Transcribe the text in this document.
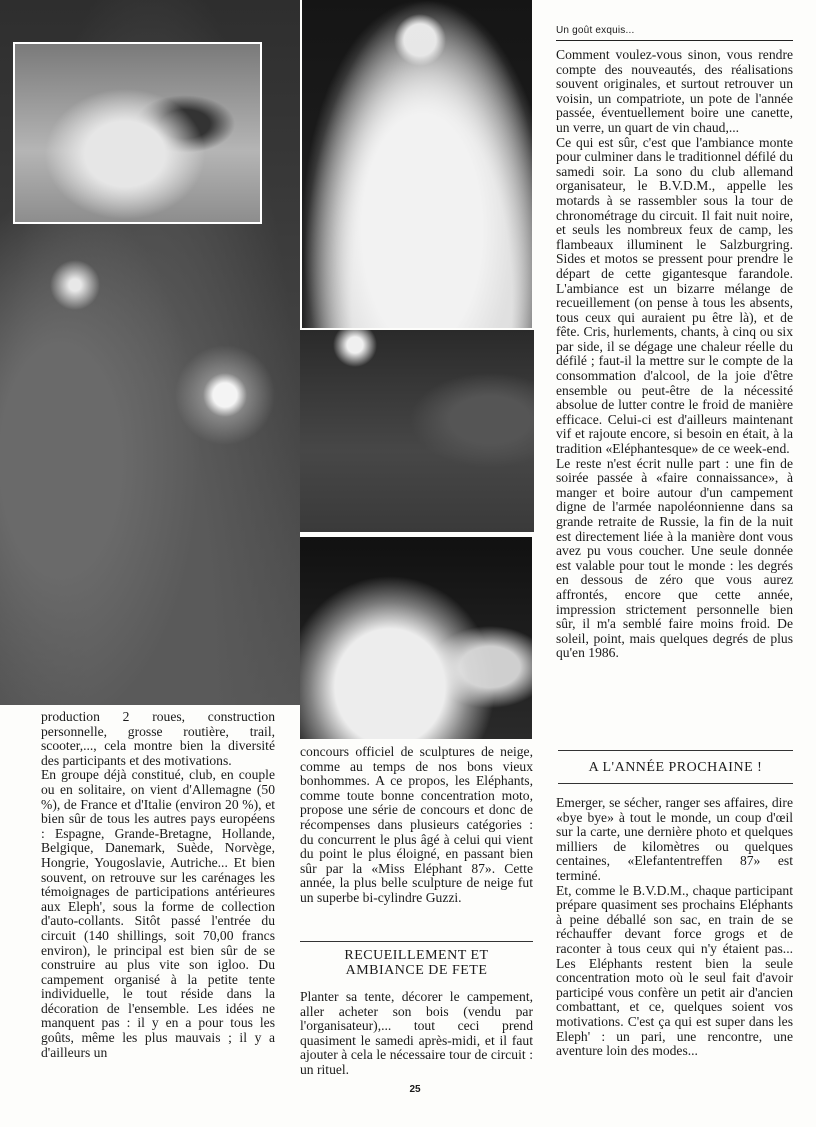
Un goût exquis...

production 2 roues, construction personnelle, grosse routière, trail, scooter,..., cela montre bien la diversité des participants et des motivations.

En groupe déjà constitué, club, en couple ou en solitaire, on vient d'Allemagne (50 %), de France et d'Italie (environ 20 %), et bien sûr de tous les autres pays européens : Espagne, Grande-Bretagne, Hollande, Belgique, Danemark, Suède, Norvège, Hongrie, Yougoslavie, Autriche... Et bien souvent, on retrouve sur les carénages les témoignages de participations antérieures aux Eleph', sous la forme de collection d'auto-collants. Sitôt passé l'entrée du circuit (140 shillings, soit 70,00 francs environ), le principal est bien sûr de se construire au plus vite son igloo. Du campement organisé à la petite tente individuelle, le tout réside dans la décoration de l'ensemble. Les idées ne manquent pas : il y en a pour tous les goûts, même les plus mauvais ; il y a d'ailleurs un

concours officiel de sculptures de neige, comme au temps de nos bons vieux bonhommes. A ce propos, les Eléphants, comme toute bonne concentration moto, propose une série de concours et donc de récompenses dans plusieurs catégories : du concurrent le plus âgé à celui qui vient du point le plus éloigné, en passant bien sûr par la «Miss Eléphant 87». Cette année, la plus belle sculpture de neige fut un superbe bi-cylindre Guzzi.

RECUEILLEMENT ET
AMBIANCE DE FETE

Planter sa tente, décorer le campement, aller acheter son bois (vendu par l'organisateur),... tout ceci prend quasiment le samedi après-midi, et il faut ajouter à cela le nécessaire tour de circuit : un rituel.

Comment voulez-vous sinon, vous rendre compte des nouveautés, des réalisations souvent originales, et surtout retrouver un voisin, un compatriote, un pote de l'année passée, éventuellement boire une canette, un verre, un quart de vin chaud,...

Ce qui est sûr, c'est que l'ambiance monte pour culminer dans le traditionnel défilé du samedi soir. La sono du club allemand organisateur, le B.V.D.M., appelle les motards à se rassembler sous la tour de chronométrage du circuit. Il fait nuit noire, et seuls les nombreux feux de camp, les flambeaux illuminent le Salzburgring. Sides et motos se pressent pour prendre le départ de cette gigantesque farandole. L'ambiance est un bizarre mélange de recueillement (on pense à tous les absents, tous ceux qui auraient pu être là), et de fête. Cris, hurlements, chants, à cinq ou six par side, il se dégage une chaleur réelle du défilé ; faut-il la mettre sur le compte de la consommation d'alcool, de la joie d'être ensemble ou peut-être de la nécessité absolue de lutter contre le froid de manière efficace. Celui-ci est d'ailleurs maintenant vif et rajoute encore, si besoin en était, à la tradition «Eléphantesque» de ce week-end.

Le reste n'est écrit nulle part : une fin de soirée passée à «faire connaissance», à manger et boire autour d'un campement digne de l'armée napoléonnienne dans sa grande retraite de Russie, la fin de la nuit est directement liée à la manière dont vous avez pu vous coucher. Une seule donnée est valable pour tout le monde : les degrés en dessous de zéro que vous aurez affrontés, encore que cette année, impression strictement personnelle bien sûr, il m'a semblé faire moins froid. De soleil, point, mais quelques degrés de plus qu'en 1986.

A L'ANNÉE PROCHAINE !

Emerger, se sécher, ranger ses affaires, dire «bye bye» à tout le monde, un coup d'œil sur la carte, une dernière photo et quelques milliers de kilomètres ou quelques centaines, «Elefantentreffen 87» est terminé.

Et, comme le B.V.D.M., chaque participant prépare quasiment ses prochains Eléphants à peine déballé son sac, en train de se réchauffer devant force grogs et de raconter à tous ceux qui n'y étaient pas... Les Eléphants restent bien la seule concentration moto où le seul fait d'avoir participé vous confère un petit air d'ancien combattant, et ce, quelques soient vos motivations. C'est ça qui est super dans les Eleph' : un pari, une rencontre, une aventure loin des modes...

25
